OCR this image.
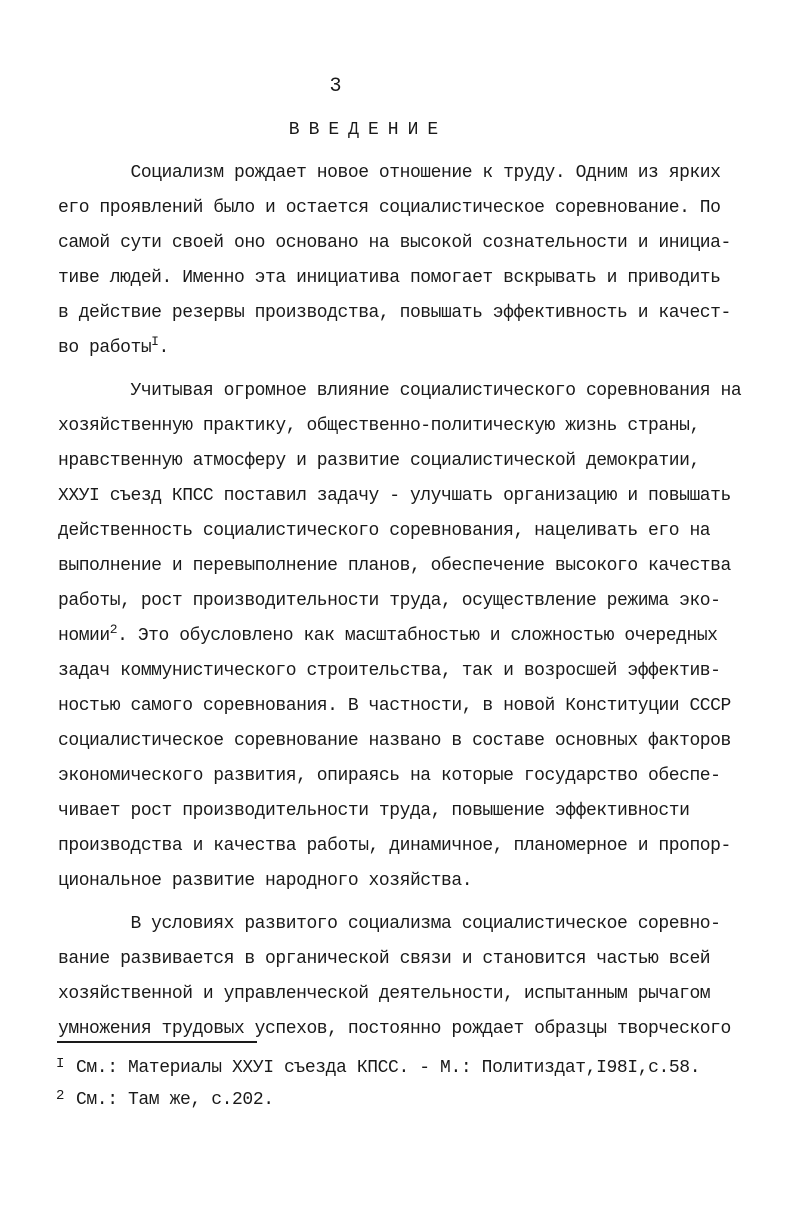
3
ВВЕДЕНИЕ
Социализм рождает новое отношение к труду. Одним из ярких
его проявлений было и остается социалистическое соревнование. По
самой сути своей оно основано на высокой сознательности и инициа-
тиве людей. Именно эта инициатива помогает вскрывать и приводить
в действие резервы производства, повышать эффективность и качест-
во работы$^I$.
Учитывая огромное влияние социалистического соревнования на
хозяйственную практику, общественно-политическую жизнь страны,
нравственную атмосферу и развитие социалистической демократии,
ХХУI съезд КПСС поставил задачу - улучшать организацию и повышать
действенность социалистического соревнования, нацеливать его на
выполнение и перевыполнение планов, обеспечение высокого качества
работы, рост производительности труда, осуществление режима эко-
номии$^2$. Это обусловлено как масштабностью и сложностью очередных
задач коммунистического строительства, так и возросшей эффектив-
ностью самого соревнования. В частности, в новой Конституции СССР
социалистическое соревнование названо в составе основных факторов
экономического развития, опираясь на которые государство обеспе-
чивает рост производительности труда, повышение эффективности
производства и качества работы, динамичное, планомерное и пропор-
циональное развитие народного хозяйства.
В условиях развитого социализма социалистическое соревно-
вание развивается в органической связи и становится частью всей
хозяйственной и управленческой деятельности, испытанным рычагом
умножения трудовых успехов, постоянно рождает образцы творческого
I См.: Материалы ХХУI съезда КПСС. - М.: Политиздат,I98I,с.58.
2 См.: Там же, с.202.
